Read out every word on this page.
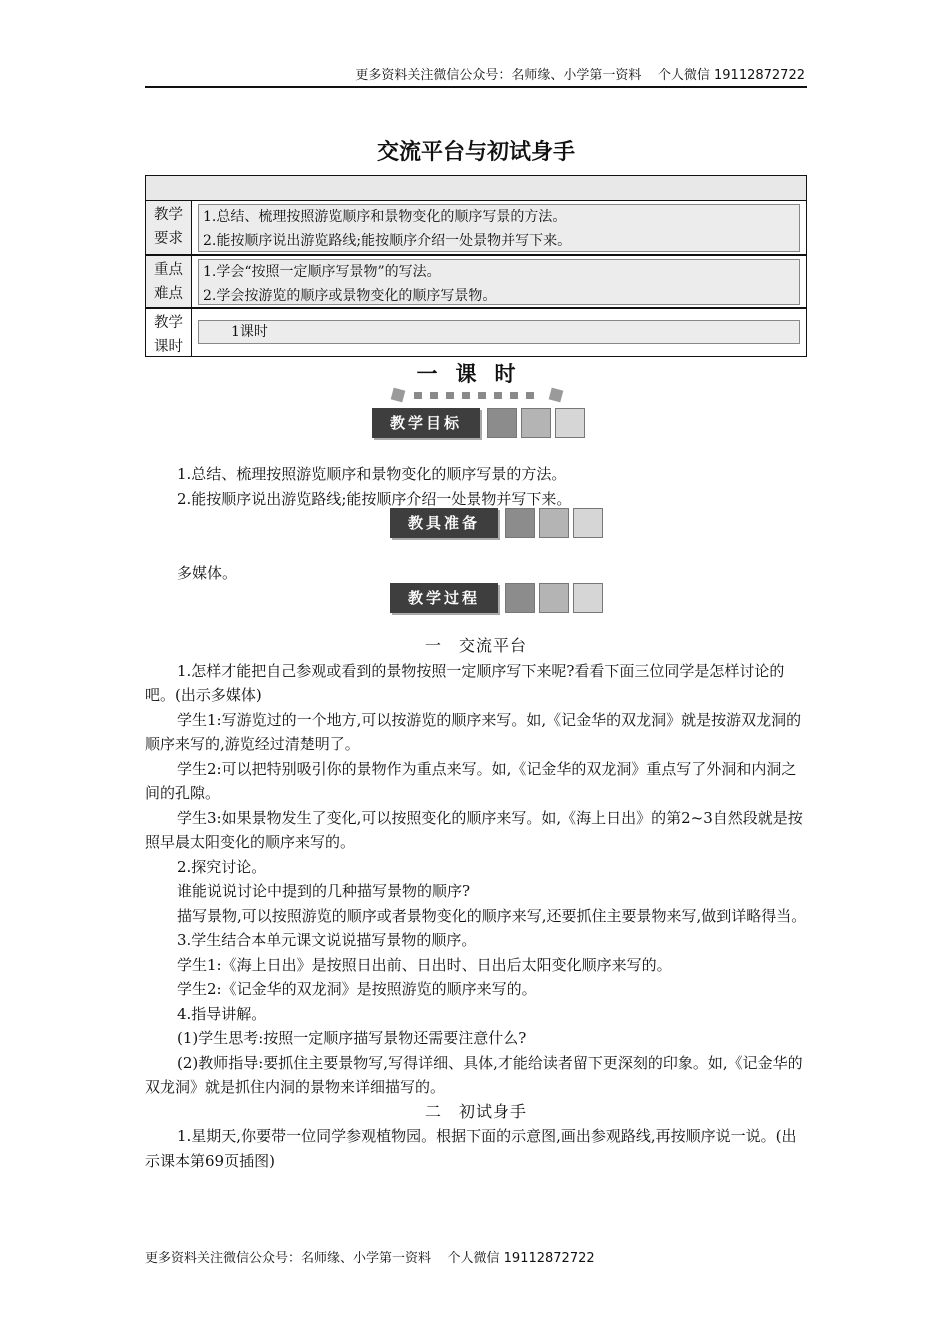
更多资料关注微信公众号：名师缘、小学第一资料    个人微信 19112872722
交流平台与初试身手
教学
要求
1.总结、梳理按照游览顺序和景物变化的顺序写景的方法。
2.能按顺序说出游览路线;能按顺序介绍一处景物并写下来。
重点
难点
1.学会“按照一定顺序写景物”的写法。
2.学会按游览的顺序或景物变化的顺序写景物。
教学
课时
1课时
一课时
教学目标

1.总结、梳理按照游览顺序和景物变化的顺序写景的方法。

2.能按顺序说出游览路线;能按顺序介绍一处景物并写下来。

教具准备

多媒体。

教学过程

一　交流平台

1.怎样才能把自己参观或看到的景物按照一定顺序写下来呢?看看下面三位同学是怎样讨论的吧。(出示多媒体)

学生1:写游览过的一个地方,可以按游览的顺序来写。如,《记金华的双龙洞》就是按游双龙洞的顺序来写的,游览经过清楚明了。

学生2:可以把特别吸引你的景物作为重点来写。如,《记金华的双龙洞》重点写了外洞和内洞之间的孔隙。

学生3:如果景物发生了变化,可以按照变化的顺序来写。如,《海上日出》的第2~3自然段就是按照早晨太阳变化的顺序来写的。

2.探究讨论。

谁能说说讨论中提到的几种描写景物的顺序?

描写景物,可以按照游览的顺序或者景物变化的顺序来写,还要抓住主要景物来写,做到详略得当。

3.学生结合本单元课文说说描写景物的顺序。

学生1:《海上日出》是按照日出前、日出时、日出后太阳变化顺序来写的。

学生2:《记金华的双龙洞》是按照游览的顺序来写的。

4.指导讲解。

(1)学生思考:按照一定顺序描写景物还需要注意什么?

(2)教师指导:要抓住主要景物写,写得详细、具体,才能给读者留下更深刻的印象。如,《记金华的双龙洞》就是抓住内洞的景物来详细描写的。

二　初试身手

1.星期天,你要带一位同学参观植物园。根据下面的示意图,画出参观路线,再按顺序说一说。(出示课本第69页插图)

更多资料关注微信公众号：名师缘、小学第一资料    个人微信 19112872722
